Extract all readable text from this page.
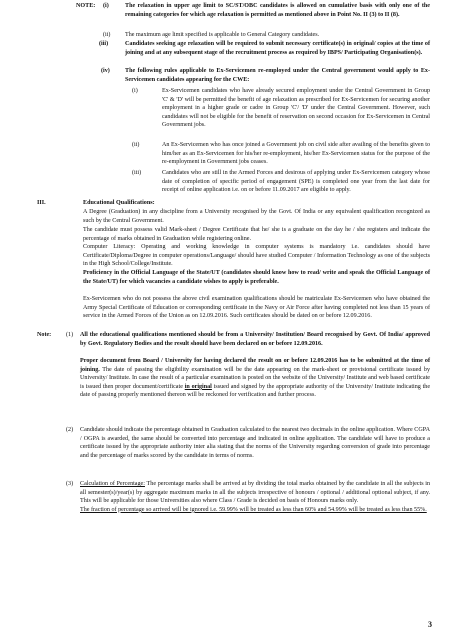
NOTE: (i)	The relaxation in upper age limit to SC/ST/OBC candidates is allowed on cumulative basis with only one of the remaining categories for which age relaxation is permitted as mentioned above in Point No. II (3) to II (8).

(ii) The maximum age limit specified is applicable to General Category candidates.

(iii)	Candidates seeking age relaxation will be required to submit necessary certificate(s) in original/ copies at the time of joining and at any subsequent stage of the recruitment process as required by IBPS/ Participating Organisation(s).

(iv) The following rules applicable to Ex-Servicemen re-employed under the Central government would apply to Ex-Servicemen candidates appearing for the CWE:

(i)	Ex-Servicemen candidates who have already secured employment under the Central Government in Group 'C' & 'D' will be permitted the benefit of age relaxation as prescribed for Ex-Servicemen for securing another employment in a higher grade or cadre in Group 'C'/ 'D' under the Central Government. However, such candidates will not be eligible for the benefit of reservation on second occasion for Ex-Servicemen in Central Government jobs.

(ii)	An Ex-Servicemen who has once joined a Government job on civil side after availing of the benefits given to him/her as an Ex-Servicemen for his/her re-employment, his/her Ex-Servicemen status for the purpose of the re-employment in Government jobs ceases.

(iii)	Candidates who are still in the Armed Forces and desirous of applying under Ex-Servicemen category whose date of completion of specific period of engagement (SPE) is completed one year from the last date for receipt of online application i.e. on or before 11.09.2017 are eligible to apply.

III.	Educational Qualifications:

A Degree (Graduation) in any discipline from a University recognised by the Govt. Of India or any equivalent qualification recognized as such by the Central Government.

The candidate must possess valid Mark-sheet / Degree Certificate that he/ she is a graduate on the day he / she registers and indicate the percentage of marks obtained in Graduation while registering online.

Computer Literacy: Operating and working knowledge in computer systems is mandatory i.e. candidates should have Certificate/Diploma/Degree in computer operations/Language/ should have studied Computer / Information Technology as one of the subjects in the High School/College/Institute.

Proficiency in the Official Language of the State/UT (candidates should know how to read/ write and speak the Official Language of the State/UT) for which vacancies a candidate wishes to apply is preferable.

Ex-Servicemen who do not possess the above civil examination qualifications should be matriculate Ex-Servicemen who have obtained the Army Special Certificate of Education or corresponding certificate in the Navy or Air Force after having completed not less than 15 years of service in the Armed Forces of the Union as on 12.09.2016. Such certificates should be dated on or before 12.09.2016.

Note: (1) All the educational qualifications mentioned should be from a University/ Institution/ Board recognised by Govt. Of India/ approved by Govt. Regulatory Bodies and the result should have been declared on or before 12.09.2016.

Proper document from Board / University for having declared the result on or before 12.09.2016 has to be submitted at the time of joining. The date of passing the eligibility examination will be the date appearing on the mark-sheet or provisional certificate issued by University/ Institute. In case the result of a particular examination is posted on the website of the University/ Institute and web based certificate is issued then proper document/certificate in original issued and signed by the appropriate authority of the University/ Institute indicating the date of passing properly mentioned thereon will be reckoned for verification and further process.
(2) Candidate should indicate the percentage obtained in Graduation calculated to the nearest two decimals in the online application. Where CGPA / OGPA is awarded, the same should be converted into percentage and indicated in online application. The candidate will have to produce a certificate issued by the appropriate authority inter alia stating that the norms of the University regarding conversion of grade into percentage and the percentage of marks scored by the candidate in terms of norms.

(3) Calculation of Percentage: The percentage marks shall be arrived at by dividing the total marks obtained by the candidate in all the subjects in all semester(s)/year(s) by aggregate maximum marks in all the subjects irrespective of honours / optional / additional optional subject, if any. This will be applicable for those Universities also where Class / Grade is decided on basis of Honours marks only.
The fraction of percentage so arrived will be ignored i.e. 59.99% will be treated as less than 60% and 54.99% will be treated as less than 55%.
3
